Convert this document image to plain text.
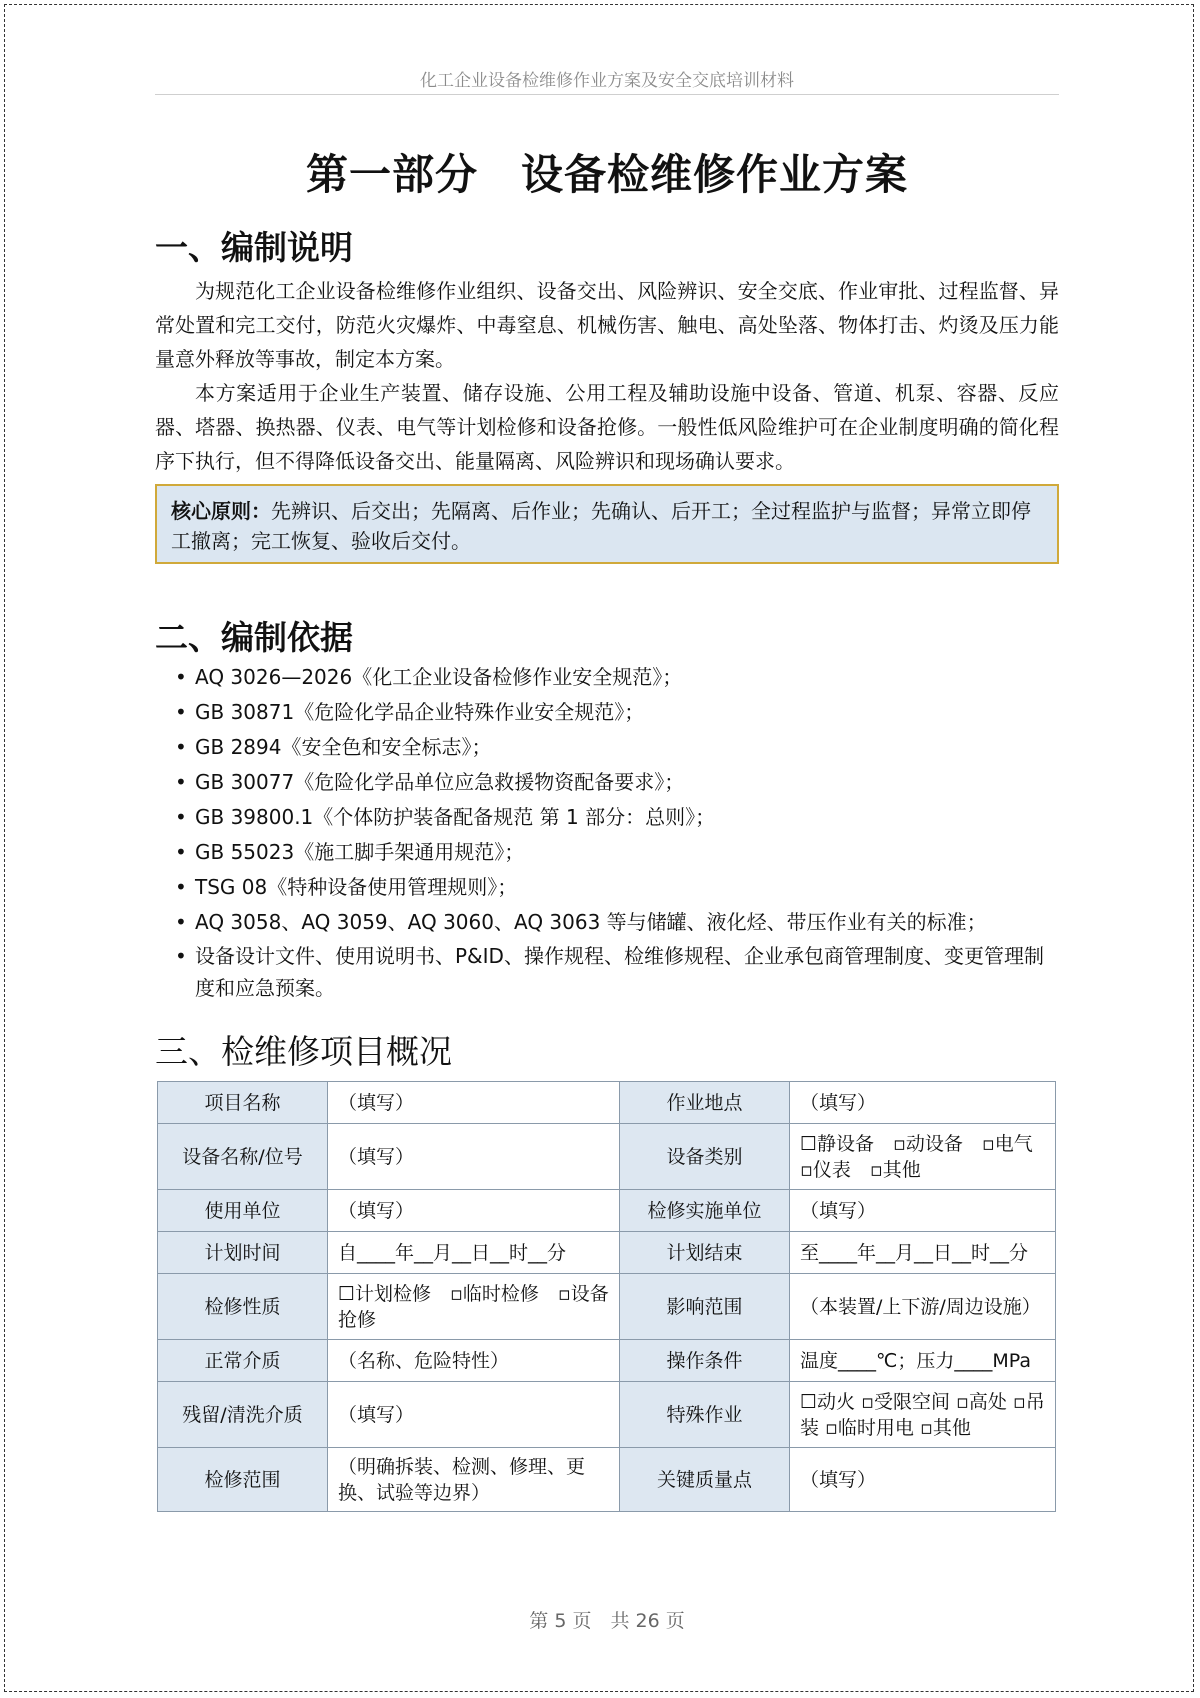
化工企业设备检维修作业方案及安全交底培训材料
第一部分　设备检维修作业方案
一、编制说明
为规范化工企业设备检维修作业组织、设备交出、风险辨识、安全交底、作业审批、过程监督、异常处置和完工交付，防范火灾爆炸、中毒窒息、机械伤害、触电、高处坠落、物体打击、灼烫及压力能量意外释放等事故，制定本方案。
本方案适用于企业生产装置、储存设施、公用工程及辅助设施中设备、管道、机泵、容器、反应器、塔器、换热器、仪表、电气等计划检修和设备抢修。一般性低风险维护可在企业制度明确的简化程序下执行，但不得降低设备交出、能量隔离、风险辨识和现场确认要求。
核心原则：先辨识、后交出；先隔离、后作业；先确认、后开工；全过程监护与监督；异常立即停工撤离；完工恢复、验收后交付。
二、编制依据
• AQ 3026—2026《化工企业设备检修作业安全规范》；
• GB 30871《危险化学品企业特殊作业安全规范》；
• GB 2894《安全色和安全标志》；
• GB 30077《危险化学品单位应急救援物资配备要求》；
• GB 39800.1《个体防护装备配备规范 第 1 部分：总则》；
• GB 55023《施工脚手架通用规范》；
• TSG 08《特种设备使用管理规则》；
• AQ 3058、AQ 3059、AQ 3060、AQ 3063 等与储罐、液化烃、带压作业有关的标准；
• 设备设计文件、使用说明书、P&ID、操作规程、检维修规程、企业承包商管理制度、变更管理制度和应急预案。
三、检维修项目概况
项目名称	（填写）	作业地点	（填写）
设备名称/位号	（填写）	设备类别	☐静设备　▫动设备　▫电气　▫仪表　▫其他
使用单位	（填写）	检修实施单位	（填写）
计划时间	自____年__月__日__时__分	计划结束	至____年__月__日__时__分
检修性质	☐计划检修　▫临时检修　▫设备抢修	影响范围	（本装置/上下游/周边设施）
正常介质	（名称、危险特性）	操作条件	温度____℃；压力____MPa
残留/清洗介质	（填写）	特殊作业	☐动火 ▫受限空间 ▫高处 ▫吊装 ▫临时用电 ▫其他
检修范围	（明确拆装、检测、修理、更换、试验等边界）	关键质量点	（填写）
第 5 页　共 26 页
